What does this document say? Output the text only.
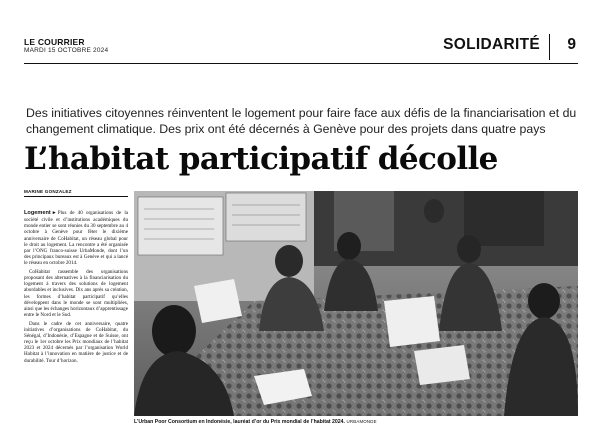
LE COURRIER
MARDI 15 OCTOBRE 2024	SOLIDARITÉ 9
Des initiatives citoyennes réinventent le logement pour faire face aux défis de la financiarisation et du changement climatique. Des prix ont été décernés à Genève pour des projets dans quatre pays
L’habitat participatif décolle
MARINE GONZALEZ

Logement►Plus de 40 organisations de la société civile et d’institutions académiques du monde entier se sont réunies du 30 septembre au 4 octobre à Genève pour fêter le dixième anniversaire de CoHabitat, un réseau global pour le droit au logement. La rencontre a été organisée par l’ONG franco-suisse UrbaMonde, dont l’un des principaux bureaux est à Genève et qui a lancé le réseau en octobre 2014.

CoHabitat rassemble des organisations proposant des alternatives à la financiarisation du logement à travers des solutions de logement abordables et inclusives. Dix ans après sa création, les formes d’habitat participatif qu’elles développent dans le monde se sont multipliées, ainsi que les échanges horizontaux d’apprentissage entre le Nord et le Sud.

Dans le cadre de cet anniversaire, quatre initiatives d’organisations de CoHabitat, du Sénégal, d’Indonésie, d’Espagne et de Suisse, ont reçu le 1er octobre les Prix mondiaux de l’habitat 2023 et 2024 décernés par l’organisation World Habitat à l’innovation en matière de justice et de durabilité. Tour d’horizon.

L’Urban Poor Consortium en Indonésie, lauréat d’or du Prix mondial de l’habitat 2024. URBAMONDE
